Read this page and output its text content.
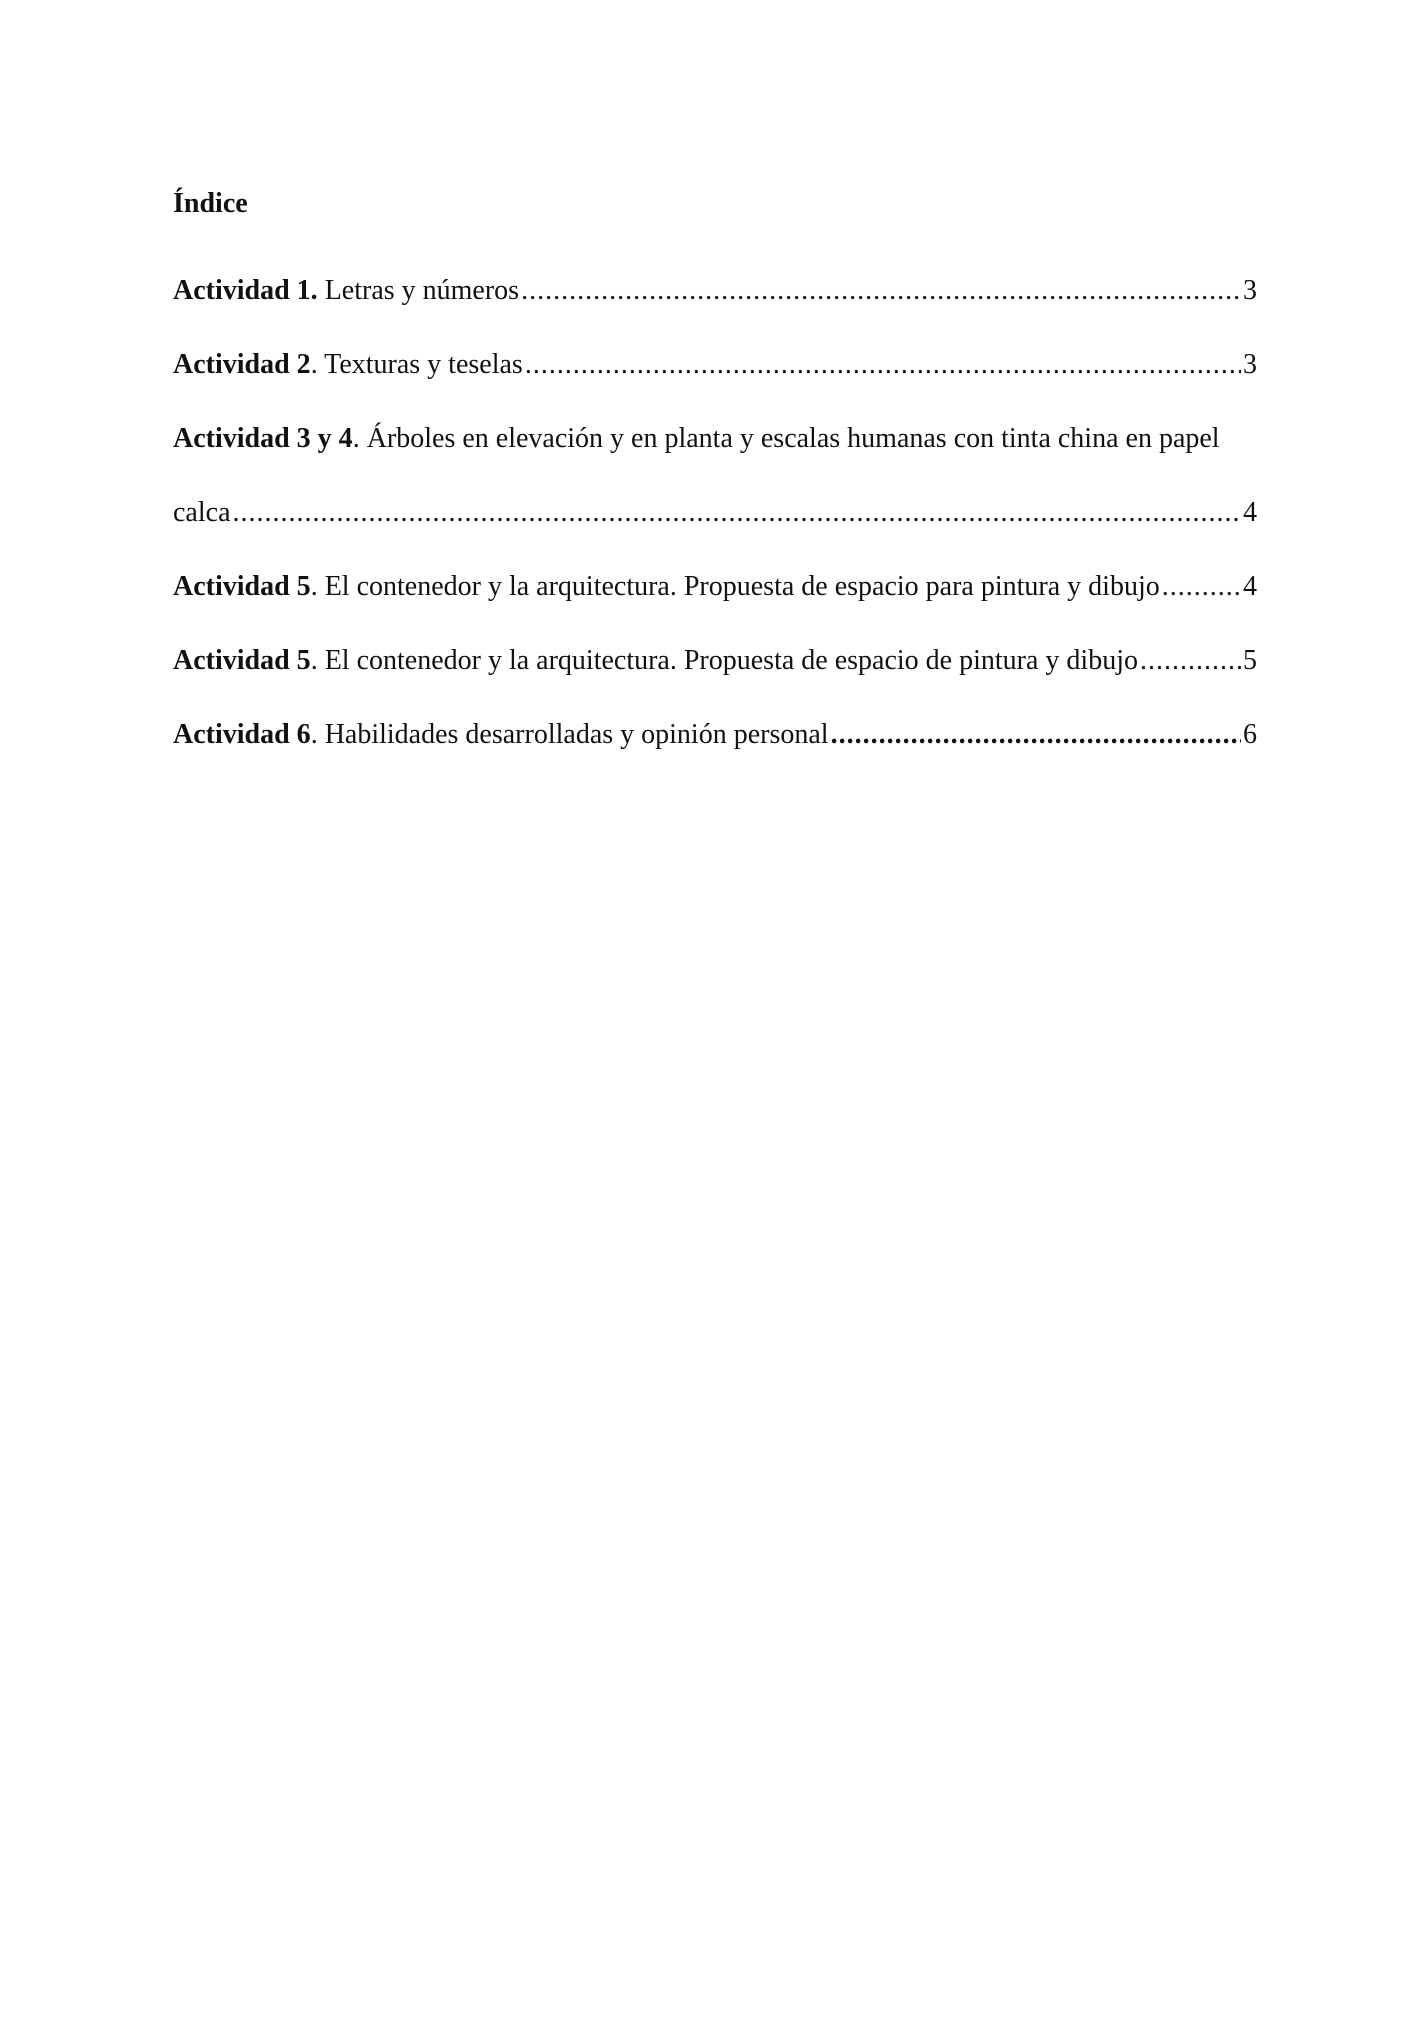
Índice
Actividad 1. Letras y números .....	3
Actividad 2. Texturas y teselas .....	3
Actividad 3 y 4. Árboles en elevación y en planta y escalas humanas con tinta china en papel
calca .....	4
Actividad 5. El contenedor y la arquitectura. Propuesta de espacio para pintura y dibujo .....	4
Actividad 5. El contenedor y la arquitectura. Propuesta de espacio de pintura y dibujo .....	5
Actividad 6. Habilidades desarrolladas y opinión personal .....	6
